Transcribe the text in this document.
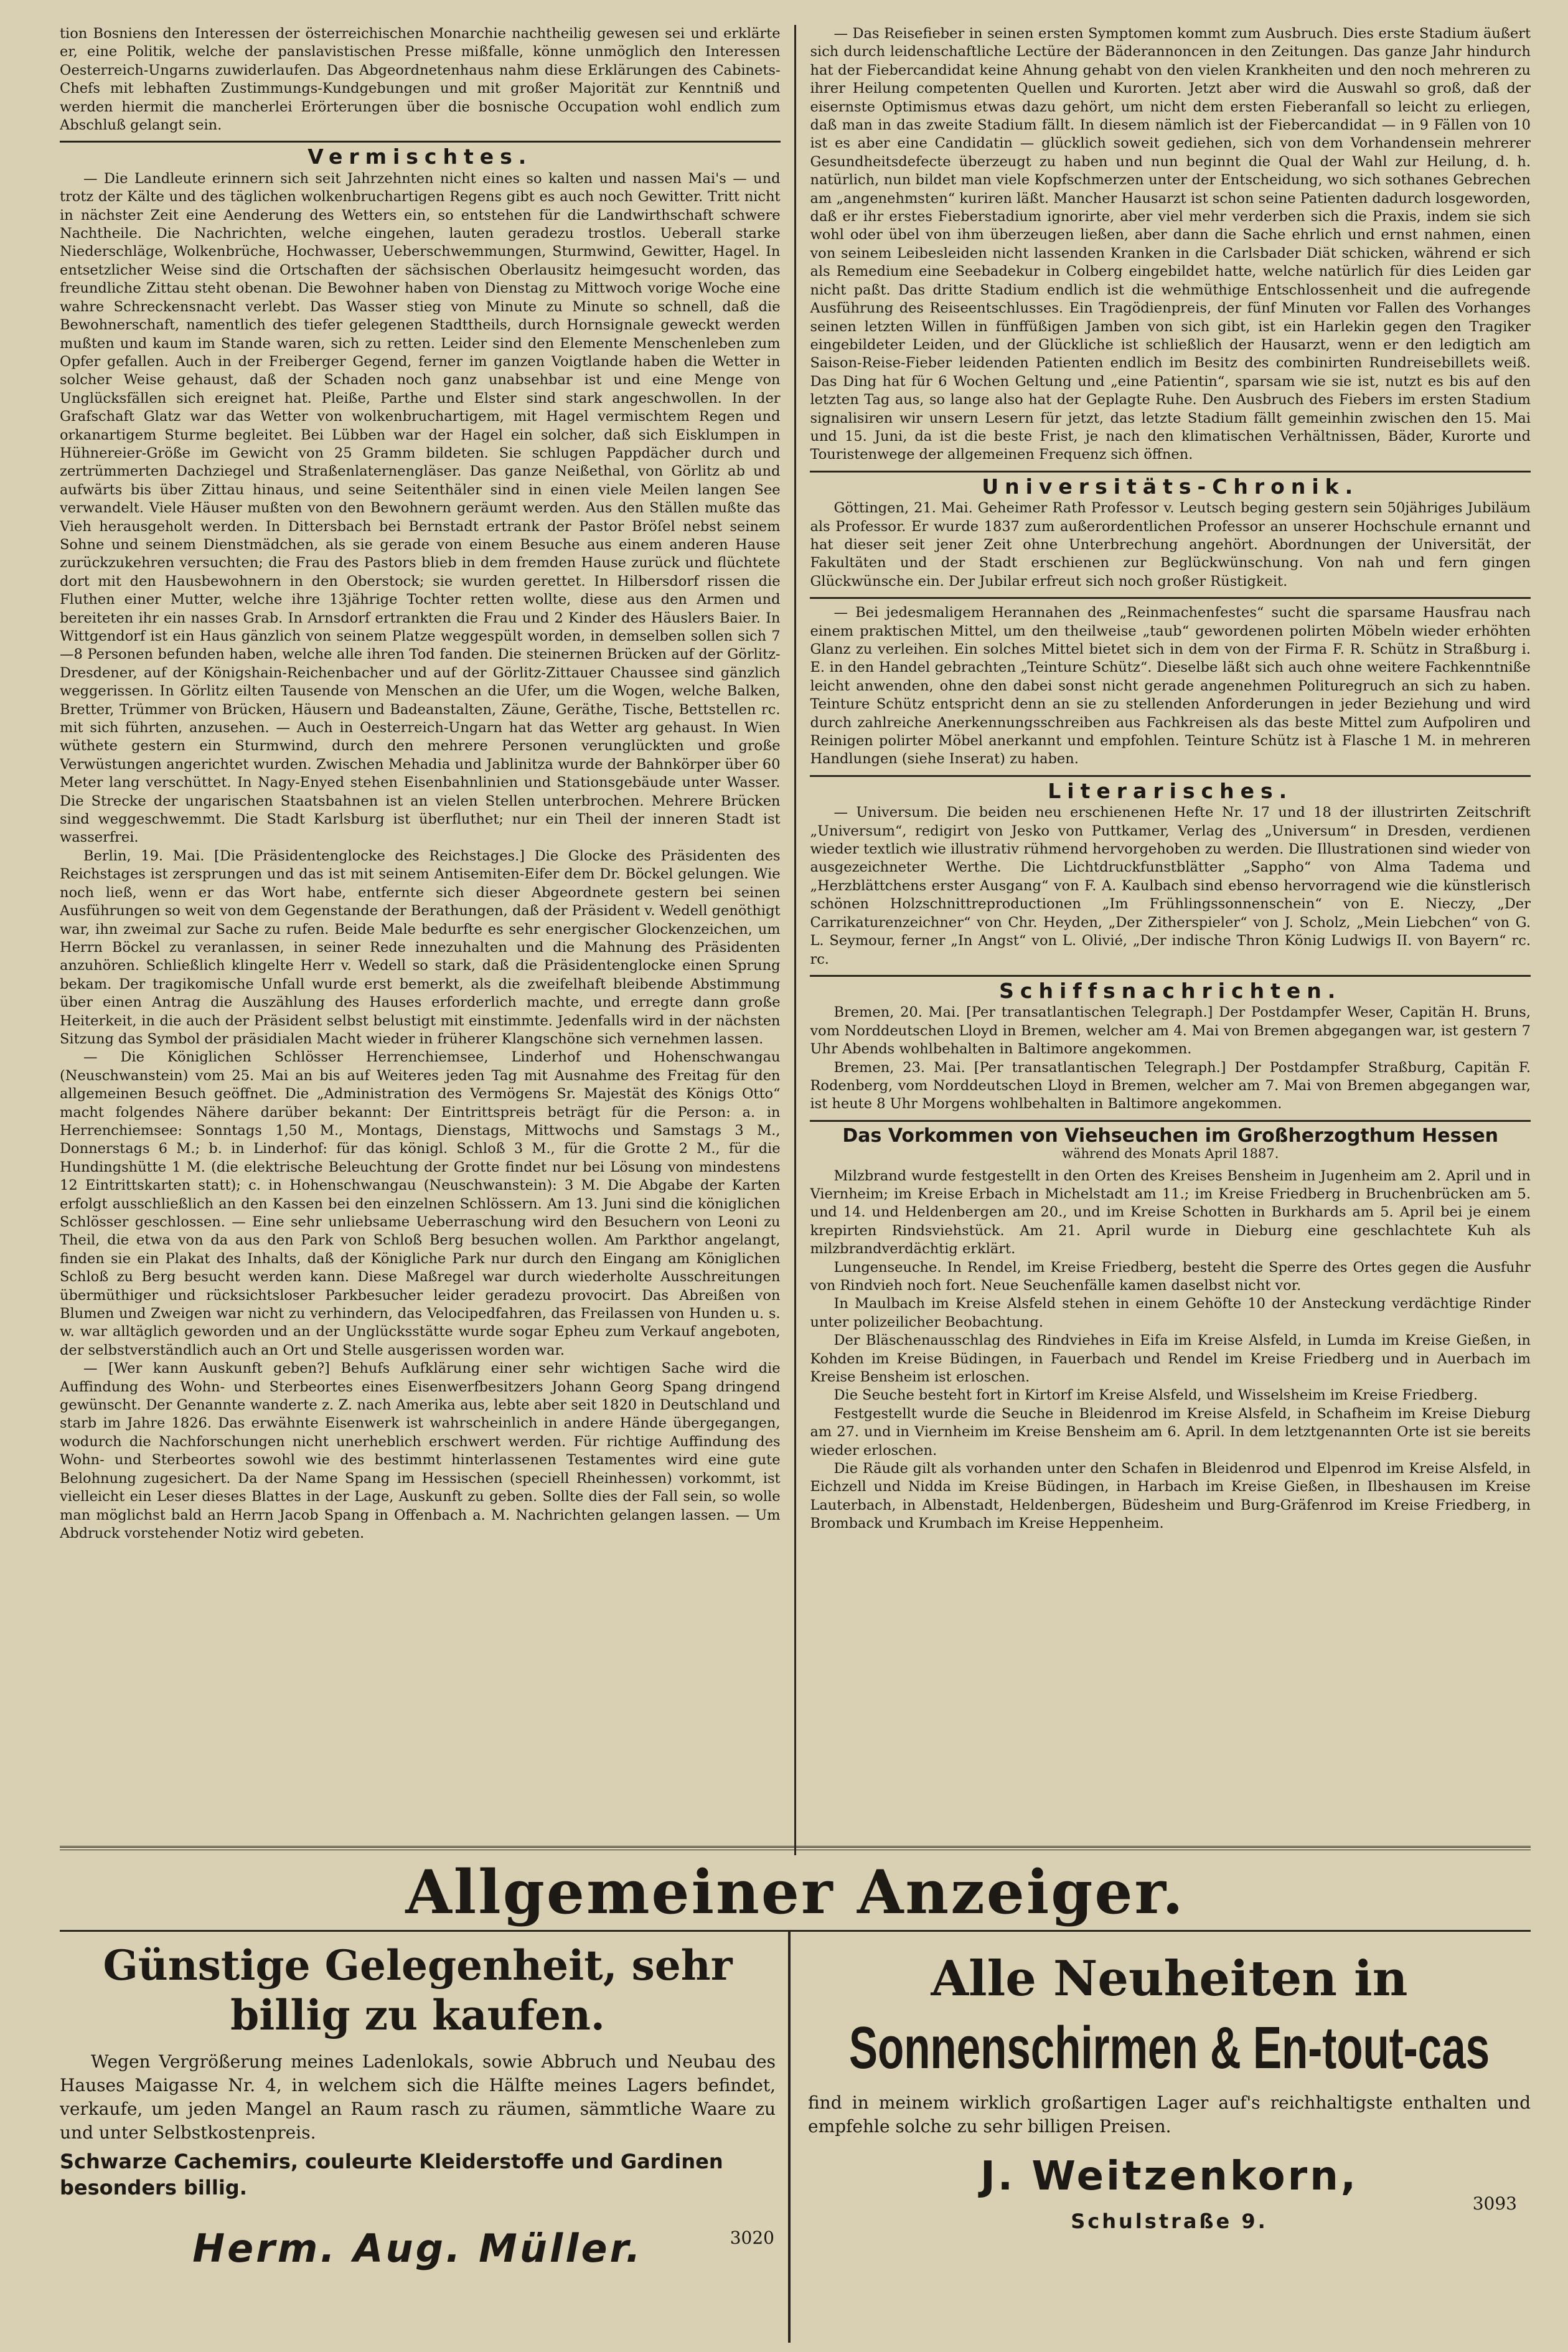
tion Bosniens den Interessen der österreichischen Monarchie nachtheilig gewesen sei und erklärte er, eine Politik, welche der panslavistischen Presse mißfalle, könne unmöglich den Interessen Oesterreich-Ungarns zuwiderlaufen. Das Abgeordnetenhaus nahm diese Erklärungen des Cabinets-Chefs mit lebhaften Zustimmungs-Kundgebungen und mit großer Majorität zur Kenntniß und werden hiermit die mancherlei Erörterungen über die bosnische Occupation wohl endlich zum Abschluß gelangt sein.

Vermischtes.

— Die Landleute erinnern sich seit Jahrzehnten nicht eines so kalten und nassen Mai's — und trotz der Kälte und des täglichen wolkenbruchartigen Regens gibt es auch noch Gewitter. Tritt nicht in nächster Zeit eine Aenderung des Wetters ein, so entstehen für die Landwirthschaft schwere Nachtheile. Die Nachrichten, welche eingehen, lauten geradezu trostlos. Ueberall starke Niederschläge, Wolkenbrüche, Hochwasser, Ueberschwemmungen, Sturmwind, Gewitter, Hagel. In entsetzlicher Weise sind die Ortschaften der sächsischen Oberlausitz heimgesucht worden, das freundliche Zittau steht obenan. Die Bewohner haben von Dienstag zu Mittwoch vorige Woche eine wahre Schreckensnacht verlebt. Das Wasser stieg von Minute zu Minute so schnell, daß die Bewohnerschaft, namentlich des tiefer gelegenen Stadttheils, durch Hornsignale geweckt werden mußten und kaum im Stande waren, sich zu retten. Leider sind den Elemente Menschenleben zum Opfer gefallen. Auch in der Freiberger Gegend, ferner im ganzen Voigtlande haben die Wetter in solcher Weise gehaust, daß der Schaden noch ganz unabsehbar ist und eine Menge von Unglücksfällen sich ereignet hat. Pleiße, Parthe und Elster sind stark angeschwollen. In der Grafschaft Glatz war das Wetter von wolkenbruchartigem, mit Hagel vermischtem Regen und orkanartigem Sturme begleitet. Bei Lübben war der Hagel ein solcher, daß sich Eisklumpen in Hühnereier-Größe im Gewicht von 25 Gramm bildeten. Sie schlugen Pappdächer durch und zertrümmerten Dachziegel und Straßenlaternengläser. Das ganze Neißethal, von Görlitz ab und aufwärts bis über Zittau hinaus, und seine Seitenthäler sind in einen viele Meilen langen See verwandelt. Viele Häuser mußten von den Bewohnern geräumt werden. Aus den Ställen mußte das Vieh herausgeholt werden. In Dittersbach bei Bernstadt ertrank der Pastor Bröſel nebst seinem Sohne und seinem Dienstmädchen, als sie gerade von einem Besuche aus einem anderen Hause zurückzukehren versuchten; die Frau des Pastors blieb in dem fremden Hause zurück und flüchtete dort mit den Hausbewohnern in den Oberstock; sie wurden gerettet. In Hilbersdorf rissen die Fluthen einer Mutter, welche ihre 13jährige Tochter retten wollte, diese aus den Armen und bereiteten ihr ein nasses Grab. In Arnsdorf ertrankten die Frau und 2 Kinder des Häuslers Baier. In Wittgendorf ist ein Haus gänzlich von seinem Platze weggespült worden, in demselben sollen sich 7—8 Personen befunden haben, welche alle ihren Tod fanden. Die steinernen Brücken auf der Görlitz-Dresdener, auf der Königshain-Reichenbacher und auf der Görlitz-Zittauer Chaussee sind gänzlich weggerissen. In Görlitz eilten Tausende von Menschen an die Ufer, um die Wogen, welche Balken, Bretter, Trümmer von Brücken, Häusern und Badeanstalten, Zäune, Geräthe, Tische, Bettstellen rc. mit sich führten, anzusehen. — Auch in Oesterreich-Ungarn hat das Wetter arg gehaust. In Wien wüthete gestern ein Sturmwind, durch den mehrere Personen verunglückten und große Verwüstungen angerichtet wurden. Zwischen Mehadia und Jablinitza wurde der Bahnkörper über 60 Meter lang verschüttet. In Nagy-Enyed stehen Eisenbahnlinien und Stationsgebäude unter Wasser. Die Strecke der ungarischen Staatsbahnen ist an vielen Stellen unterbrochen. Mehrere Brücken sind weggeschwemmt. Die Stadt Karlsburg ist überfluthet; nur ein Theil der inneren Stadt ist wasserfrei.

Berlin, 19. Mai. [Die Präsidentenglocke des Reichstages.] Die Glocke des Präsidenten des Reichstages ist zersprungen und das ist mit seinem Antisemiten-Eifer dem Dr. Böckel gelungen. Wie noch ließ, wenn er das Wort habe, entfernte sich dieser Abgeordnete gestern bei seinen Ausführungen so weit von dem Gegenstande der Berathungen, daß der Präsident v. Wedell genöthigt war, ihn zweimal zur Sache zu rufen. Beide Male bedurfte es sehr energischer Glockenzeichen, um Herrn Böckel zu veranlassen, in seiner Rede innezuhalten und die Mahnung des Präsidenten anzuhören. Schließlich klingelte Herr v. Wedell so stark, daß die Präsidentenglocke einen Sprung bekam. Der tragikomische Unfall wurde erst bemerkt, als die zweifelhaft bleibende Abstimmung über einen Antrag die Auszählung des Hauses erforderlich machte, und erregte dann große Heiterkeit, in die auch der Präsident selbst belustigt mit einstimmte. Jedenfalls wird in der nächsten Sitzung das Symbol der präsidialen Macht wieder in früherer Klangschöne sich vernehmen lassen.

— Die Königlichen Schlösser Herrenchiemsee, Linderhof und Hohenschwangau (Neuschwanstein) vom 25. Mai an bis auf Weiteres jeden Tag mit Ausnahme des Freitag für den allgemeinen Besuch geöffnet. Die „Administration des Vermögens Sr. Majestät des Königs Otto“ macht folgendes Nähere darüber bekannt: Der Eintrittspreis beträgt für die Person: a. in Herrenchiemsee: Sonntags 1,50 M., Montags, Dienstags, Mittwochs und Samstags 3 M., Donnerstags 6 M.; b. in Linderhof: für das königl. Schloß 3 M., für die Grotte 2 M., für die Hundingshütte 1 M. (die elektrische Beleuchtung der Grotte findet nur bei Lösung von mindestens 12 Eintrittskarten statt); c. in Hohenschwangau (Neuschwanstein): 3 M. Die Abgabe der Karten erfolgt ausschließlich an den Kassen bei den einzelnen Schlössern. Am 13. Juni sind die königlichen Schlösser geschlossen. — Eine sehr unliebsame Ueberraschung wird den Besuchern von Leoni zu Theil, die etwa von da aus den Park von Schloß Berg besuchen wollen. Am Parkthor angelangt, finden sie ein Plakat des Inhalts, daß der Königliche Park nur durch den Eingang am Königlichen Schloß zu Berg besucht werden kann. Diese Maßregel war durch wiederholte Ausschreitungen übermüthiger und rücksichtsloser Parkbesucher leider geradezu provocirt. Das Abreißen von Blumen und Zweigen war nicht zu verhindern, das Velocipedfahren, das Freilassen von Hunden u. s. w. war alltäglich geworden und an der Unglücksstätte wurde sogar Epheu zum Verkauf angeboten, der selbstverständlich auch an Ort und Stelle ausgerissen worden war.

— [Wer kann Auskunft geben?] Behufs Aufklärung einer sehr wichtigen Sache wird die Auffindung des Wohn- und Sterbeortes eines Eisenwerfbesitzers Johann Georg Spang dringend gewünscht. Der Genannte wanderte z. Z. nach Amerika aus, lebte aber seit 1820 in Deutschland und starb im Jahre 1826. Das erwähnte Eisenwerk ist wahrscheinlich in andere Hände übergegangen, wodurch die Nachforschungen nicht unerheblich erschwert werden. Für richtige Auffindung des Wohn- und Sterbeortes sowohl wie des bestimmt hinterlassenen Testamentes wird eine gute Belohnung zugesichert. Da der Name Spang im Hessischen (speciell Rheinhessen) vorkommt, ist vielleicht ein Leser dieses Blattes in der Lage, Auskunft zu geben. Sollte dies der Fall sein, so wolle man möglichst bald an Herrn Jacob Spang in Offenbach a. M. Nachrichten gelangen lassen. — Um Abdruck vorstehender Notiz wird gebeten.

— Das Reisefieber in seinen ersten Symptomen kommt zum Ausbruch. Dies erste Stadium äußert sich durch leidenschaftliche Lectüre der Bäderannoncen in den Zeitungen. Das ganze Jahr hindurch hat der Fiebercandidat keine Ahnung gehabt von den vielen Krankheiten und den noch mehreren zu ihrer Heilung competenten Quellen und Kurorten. Jetzt aber wird die Auswahl so groß, daß der eisernste Optimismus etwas dazu gehört, um nicht dem ersten Fieberanfall so leicht zu erliegen, daß man in das zweite Stadium fällt. In diesem nämlich ist der Fiebercandidat — in 9 Fällen von 10 ist es aber eine Candidatin — glücklich soweit gediehen, sich von dem Vorhandensein mehrerer Gesundheitsdefecte überzeugt zu haben und nun beginnt die Qual der Wahl zur Heilung, d. h. natürlich, nun bildet man viele Kopfschmerzen unter der Entscheidung, wo sich sothanes Gebrechen am „angenehmsten“ kuriren läßt. Mancher Hausarzt ist schon seine Patienten dadurch losgeworden, daß er ihr erstes Fieberstadium ignorirte, aber viel mehr verderben sich die Praxis, indem sie sich wohl oder übel von ihm überzeugen ließen, aber dann die Sache ehrlich und ernst nahmen, einen von seinem Leibesleiden nicht lassenden Kranken in die Carlsbader Diät schicken, während er sich als Remedium eine Seebadekur in Colberg eingebildet hatte, welche natürlich für dies Leiden gar nicht paßt. Das dritte Stadium endlich ist die wehmüthige Entschlossenheit und die aufregende Ausführung des Reiseentschlusses. Ein Tragödienpreis, der fünf Minuten vor Fallen des Vorhanges seinen letzten Willen in fünffüßigen Jamben von sich gibt, ist ein Harlekin gegen den Tragiker eingebildeter Leiden, und der Glückliche ist schließlich der Hausarzt, wenn er den ledigtich am Saison-Reise-Fieber leidenden Patienten endlich im Besitz des combinirten Rundreisebillets weiß. Das Ding hat für 6 Wochen Geltung und „eine Patientin“, sparsam wie sie ist, nutzt es bis auf den letzten Tag aus, so lange also hat der Geplagte Ruhe. Den Ausbruch des Fiebers im ersten Stadium signalisiren wir unsern Lesern für jetzt, das letzte Stadium fällt gemeinhin zwischen den 15. Mai und 15. Juni, da ist die beste Frist, je nach den klimatischen Verhältnissen, Bäder, Kurorte und Touristenwege der allgemeinen Frequenz sich öffnen.

Universitäts-Chronik.

Göttingen, 21. Mai. Geheimer Rath Professor v. Leutsch beging gestern sein 50jähriges Jubiläum als Professor. Er wurde 1837 zum außerordentlichen Professor an unserer Hochschule ernannt und hat dieser seit jener Zeit ohne Unterbrechung angehört. Abordnungen der Universität, der Fakultäten und der Stadt erschienen zur Beglückwünschung. Von nah und fern gingen Glückwünsche ein. Der Jubilar erfreut sich noch großer Rüstigkeit.

— Bei jedesmaligem Herannahen des „Reinmachenfestes“ sucht die sparsame Hausfrau nach einem praktischen Mittel, um den theilweise „taub“ gewordenen polirten Möbeln wieder erhöhten Glanz zu verleihen. Ein solches Mittel bietet sich in dem von der Firma F. R. Schütz in Straßburg i. E. in den Handel gebrachten „Teinture Schütz“. Dieselbe läßt sich auch ohne weitere Fachkenntniße leicht anwenden, ohne den dabei sonst nicht gerade angenehmen Polituregruch an sich zu haben. Teinture Schütz entspricht denn an sie zu stellenden Anforderungen in jeder Beziehung und wird durch zahlreiche Anerkennungsschreiben aus Fachkreisen als das beste Mittel zum Aufpoliren und Reinigen polirter Möbel anerkannt und empfohlen. Teinture Schütz ist à Flasche 1 M. in mehreren Handlungen (siehe Inserat) zu haben.

Literarisches.

— Universum. Die beiden neu erschienenen Hefte Nr. 17 und 18 der illustrirten Zeitschrift „Universum“, redigirt von Jesko von Puttkamer, Verlag des „Universum“ in Dresden, verdienen wieder textlich wie illustrativ rühmend hervorgehoben zu werden. Die Illustrationen sind wieder von ausgezeichneter Werthe. Die Lichtdruckfunstblätter „Sappho“ von Alma Tadema und „Herzblättchens erster Ausgang“ von F. A. Kaulbach sind ebenso hervorragend wie die künstlerisch schönen Holzschnittreproductionen „Im Frühlingssonnenschein“ von E. Nieczy, „Der Carrikaturenzeichner“ von Chr. Heyden, „Der Zitherspieler“ von J. Scholz, „Mein Liebchen“ von G. L. Seymour, ferner „In Angst“ von L. Olivié, „Der indische Thron König Ludwigs II. von Bayern“ rc. rc.

Schiffsnachrichten.

Bremen, 20. Mai. [Per transatlantischen Telegraph.] Der Postdampfer Weser, Capitän H. Bruns, vom Norddeutschen Lloyd in Bremen, welcher am 4. Mai von Bremen abgegangen war, ist gestern 7 Uhr Abends wohlbehalten in Baltimore angekommen.

Bremen, 23. Mai. [Per transatlantischen Telegraph.] Der Postdampfer Straßburg, Capitän F. Rodenberg, vom Norddeutschen Lloyd in Bremen, welcher am 7. Mai von Bremen abgegangen war, ist heute 8 Uhr Morgens wohlbehalten in Baltimore angekommen.

Das Vorkommen von Viehseuchen im Großherzogthum Hessen
während des Monats April 1887.

Milzbrand wurde festgestellt in den Orten des Kreises Bensheim in Jugenheim am 2. April und in Viernheim; im Kreise Erbach in Michelstadt am 11.; im Kreise Friedberg in Bruchenbrücken am 5. und 14. und Heldenbergen am 20., und im Kreise Schotten in Burkhards am 5. April bei je einem krepirten Rindsviehstück. Am 21. April wurde in Dieburg eine geschlachtete Kuh als milzbrandverdächtig erklärt.

Lungenseuche. In Rendel, im Kreise Friedberg, besteht die Sperre des Ortes gegen die Ausfuhr von Rindvieh noch fort. Neue Seuchenfälle kamen daselbst nicht vor.

In Maulbach im Kreise Alsfeld stehen in einem Gehöfte 10 der Ansteckung verdächtige Rinder unter polizeilicher Beobachtung.

Der Bläschenausschlag des Rindviehes in Eifa im Kreise Alsfeld, in Lumda im Kreise Gießen, in Kohden im Kreise Büdingen, in Fauerbach und Rendel im Kreise Friedberg und in Auerbach im Kreise Bensheim ist erloschen.

Die Seuche besteht fort in Kirtorf im Kreise Alsfeld, und Wisselsheim im Kreise Friedberg.

Festgestellt wurde die Seuche in Bleidenrod im Kreise Alsfeld, in Schafheim im Kreise Dieburg am 27. und in Viernheim im Kreise Bensheim am 6. April. In dem letztgenannten Orte ist sie bereits wieder erloschen.

Die Räude gilt als vorhanden unter den Schafen in Bleidenrod und Elpenrod im Kreise Alsfeld, in Eichzell und Nidda im Kreise Büdingen, in Harbach im Kreise Gießen, in Ilbeshausen im Kreise Lauterbach, in Albenstadt, Heldenbergen, Büdesheim und Burg-Gräfenrod im Kreise Friedberg, in Bromback und Krumbach im Kreise Heppenheim.

Allgemeiner Anzeiger.
Günstige Gelegenheit, sehr billig zu kaufen.

Wegen Vergrößerung meines Ladenlokals, sowie Abbruch und Neubau des Hauses Maigasse Nr. 4, in welchem sich die Hälfte meines Lagers befindet, verkaufe, um jeden Mangel an Raum rasch zu räumen, sämmtliche Waare zu und unter Selbstkostenpreis.

Schwarze Cachemirs, couleurte Kleiderstoffe und Gardinen besonders billig.
3020
Herm. Aug. Müller.
Alle Neuheiten in
Sonnenschirmen & En-tout-cas

find in meinem wirklich großartigen Lager auf's reichhaltigste enthalten und empfehle solche zu sehr billigen Preisen.

3093
J. Weitzenkorn,
Schulstraße 9.
